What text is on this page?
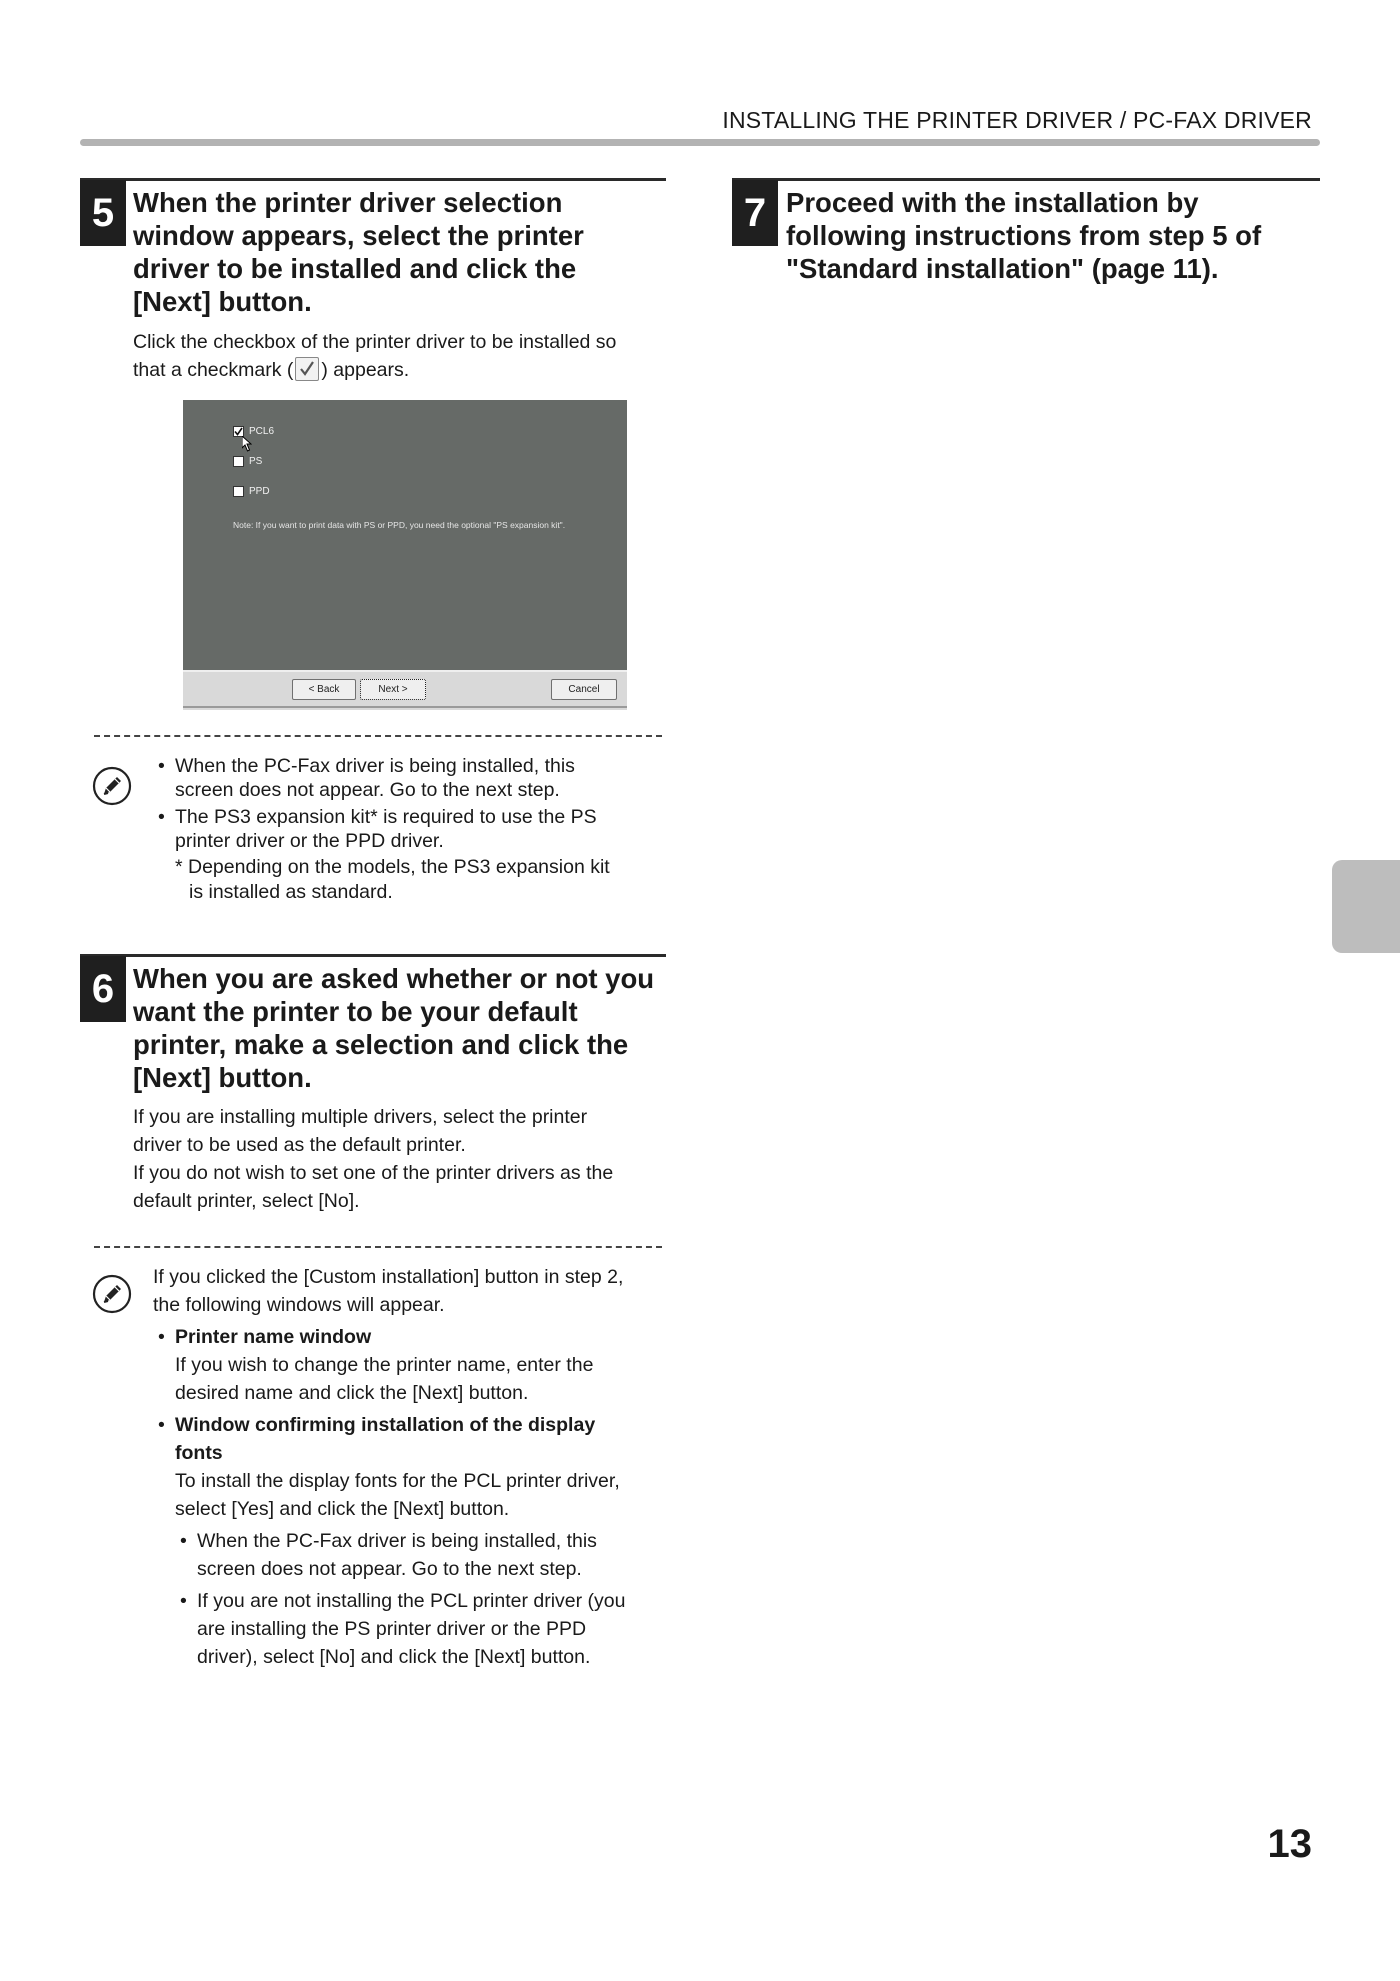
INSTALLING THE PRINTER DRIVER / PC-FAX DRIVER
5 When the printer driver selection
window appears, select the printer
driver to be installed and click the
[Next] button.
Click the checkbox of the printer driver to be installed so
that a checkmark ( ) appears.
PCL6
PS
PPD
Note: If you want to print data with PS or PPD, you need the optional "PS expansion kit".
< Back	Next >	Cancel
• When the PC-Fax driver is being installed, this
screen does not appear. Go to the next step.
• The PS3 expansion kit* is required to use the PS
printer driver or the PPD driver.
* Depending on the models, the PS3 expansion kit
is installed as standard.
6 When you are asked whether or not you
want the printer to be your default
printer, make a selection and click the
[Next] button.
If you are installing multiple drivers, select the printer
driver to be used as the default printer.
If you do not wish to set one of the printer drivers as the
default printer, select [No].
If you clicked the [Custom installation] button in step 2,
the following windows will appear.
• Printer name window
If you wish to change the printer name, enter the
desired name and click the [Next] button.
• Window confirming installation of the display
fonts
To install the display fonts for the PCL printer driver,
select [Yes] and click the [Next] button.
• When the PC-Fax driver is being installed, this
screen does not appear. Go to the next step.
• If you are not installing the PCL printer driver (you
are installing the PS printer driver or the PPD
driver), select [No] and click the [Next] button.
7 Proceed with the installation by
following instructions from step 5 of
"Standard installation" (page 11).
13
